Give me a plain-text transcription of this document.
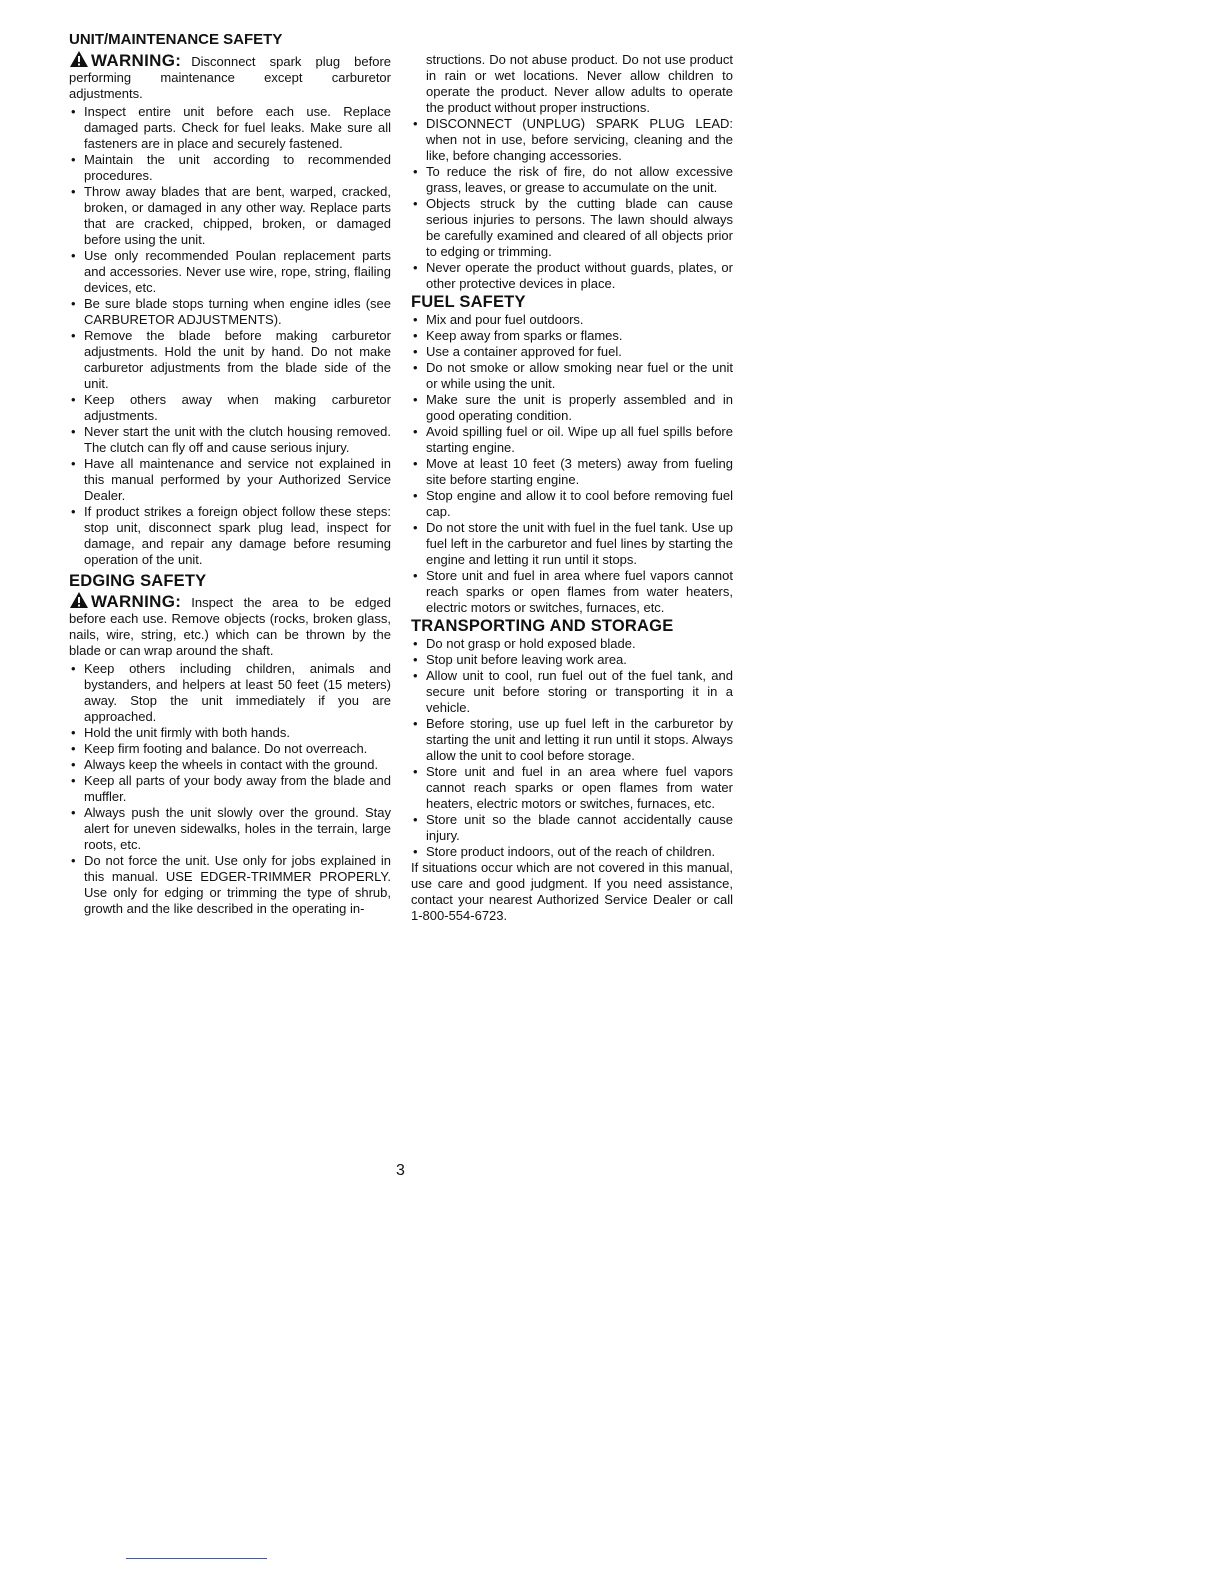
UNIT/MAINTENANCE SAFETY

WARNING: Disconnect spark plug before performing maintenance except carburetor adjustments.

• Inspect entire unit before each use. Replace damaged parts. Check for fuel leaks. Make sure all fasteners are in place and securely fastened.
• Maintain the unit according to recommended procedures.
• Throw away blades that are bent, warped, cracked, broken, or damaged in any other way. Replace parts that are cracked, chipped, broken, or damaged before using the unit.
• Use only recommended Poulan replacement parts and accessories. Never use wire, rope, string, flailing devices, etc.
• Be sure blade stops turning when engine idles (see CARBURETOR ADJUSTMENTS).
• Remove the blade before making carburetor adjustments. Hold the unit by hand. Do not make carburetor adjustments from the blade side of the unit.
• Keep others away when making carburetor adjustments.
• Never start the unit with the clutch housing removed. The clutch can fly off and cause serious injury.
• Have all maintenance and service not explained in this manual performed by your Authorized Service Dealer.
• If product strikes a foreign object follow these steps: stop unit, disconnect spark plug lead, inspect for damage, and repair any damage before resuming operation of the unit.
EDGING SAFETY

WARNING: Inspect the area to be edged before each use. Remove objects (rocks, broken glass, nails, wire, string, etc.) which can be thrown by the blade or can wrap around the shaft.

• Keep others including children, animals and bystanders, and helpers at least 50 feet (15 meters) away. Stop the unit immediately if you are approached.
• Hold the unit firmly with both hands.
• Keep firm footing and balance. Do not overreach.
• Always keep the wheels in contact with the ground.
• Keep all parts of your body away from the blade and muffler.
• Always push the unit slowly over the ground. Stay alert for uneven sidewalks, holes in the terrain, large roots, etc.
• Do not force the unit. Use only for jobs explained in this manual. USE EDGER-TRIMMER PROPERLY. Use only for edging or trimming the type of shrub, growth and the like described in the operating in-

structions. Do not abuse product. Do not use product in rain or wet locations. Never allow children to operate the product. Never allow adults to operate the product without proper instructions.

• DISCONNECT (UNPLUG) SPARK PLUG LEAD: when not in use, before servicing, cleaning and the like, before changing accessories.
• To reduce the risk of fire, do not allow excessive grass, leaves, or grease to accumulate on the unit.
• Objects struck by the cutting blade can cause serious injuries to persons. The lawn should always be carefully examined and cleared of all objects prior to edging or trimming.
• Never operate the product without guards, plates, or other protective devices in place.
FUEL SAFETY
• Mix and pour fuel outdoors.
• Keep away from sparks or flames.
• Use a container approved for fuel.
• Do not smoke or allow smoking near fuel or the unit or while using the unit.
• Make sure the unit is properly assembled and in good operating condition.
• Avoid spilling fuel or oil. Wipe up all fuel spills before starting engine.
• Move at least 10 feet (3 meters) away from fueling site before starting engine.
• Stop engine and allow it to cool before removing fuel cap.
• Do not store the unit with fuel in the fuel tank. Use up fuel left in the carburetor and fuel lines by starting the engine and letting it run until it stops.
• Store unit and fuel in area where fuel vapors cannot reach sparks or open flames from water heaters, electric motors or switches, furnaces, etc.
TRANSPORTING AND STORAGE
• Do not grasp or hold exposed blade.
• Stop unit before leaving work area.
• Allow unit to cool, run fuel out of the fuel tank, and secure unit before storing or transporting it in a vehicle.
• Before storing, use up fuel left in the carburetor by starting the unit and letting it run until it stops. Always allow the unit to cool before storage.
• Store unit and fuel in an area where fuel vapors cannot reach sparks or open flames from water heaters, electric motors or switches, furnaces, etc.
• Store unit so the blade cannot accidentally cause injury.
• Store product indoors, out of the reach of children.

If situations occur which are not covered in this manual, use care and good judgment. If you need assistance, contact your nearest Authorized Service Dealer or call 1-800-554-6723.

3
